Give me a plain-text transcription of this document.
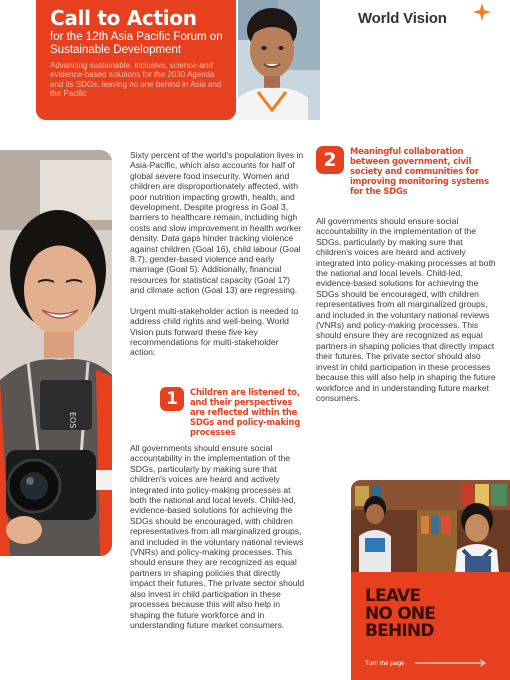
Call to Action
for the 12th Asia Pacific Forum on Sustainable Development
Advancing sustainable, inclusive, science-and evidence-based solutions for the 2030 Agenda and its SDGs, leaving no one behind in Asia and the Pacific
World Vision
EOS

Sixty percent of the world's population lives in Asia-Pacific, which also accounts for half of global severe food insecurity. Women and children are disproportionately affected, with poor nutrition impacting growth, health, and development. Despite progress in Goal 3, barriers to healthcare remain, including high costs and slow improvement in health worker density. Data gaps hinder tracking violence against children (Goal 16), child labour (Goal 8.7), gender-based violence and early marriage (Goal 5). Additionally, financial resources for statistical capacity (Goal 17) and climate action (Goal 13) are regressing.

Urgent multi-stakeholder action is needed to address child rights and well-being. World Vision puts forward these five key recommendations for multi-stakeholder action:

1	Children are listened to, and their perspectives are reflected within the SDGs and policy-making processes

All governments should ensure social accountability in the implementation of the SDGs, particularly by making sure that children's voices are heard and actively integrated into policy-making processes at both the national and local levels. Child-led, evidence-based solutions for achieving the SDGs should be encouraged, with children representatives from all marginalized groups, and included in the voluntary national reviews (VNRs) and policy-making processes. This should ensure they are recognized as equal partners in shaping policies that directly impact their futures. The private sector should also invest in child participation in these processes because this will also help in shaping the future workforce and in understanding future market consumers.

2	Meaningful collaboration between government, civil society and communities for improving monitoring systems for the SDGs

All governments should ensure social accountability in the implementation of the SDGs, particularly by making sure that children's voices are heard and actively integrated into policy-making processes at both the national and local levels. Child-led, evidence-based solutions for achieving the SDGs should be encouraged, with children representatives from all marginalized groups, and included in the voluntary national reviews (VNRs) and policy-making processes. This should ensure they are recognized as equal partners in shaping policies that directly impact their futures. The private sector should also invest in child participation in these processes because this will also help in shaping the future workforce and in understanding future market consumers.

LEAVE
NO ONE
BEHIND
Turn the page
